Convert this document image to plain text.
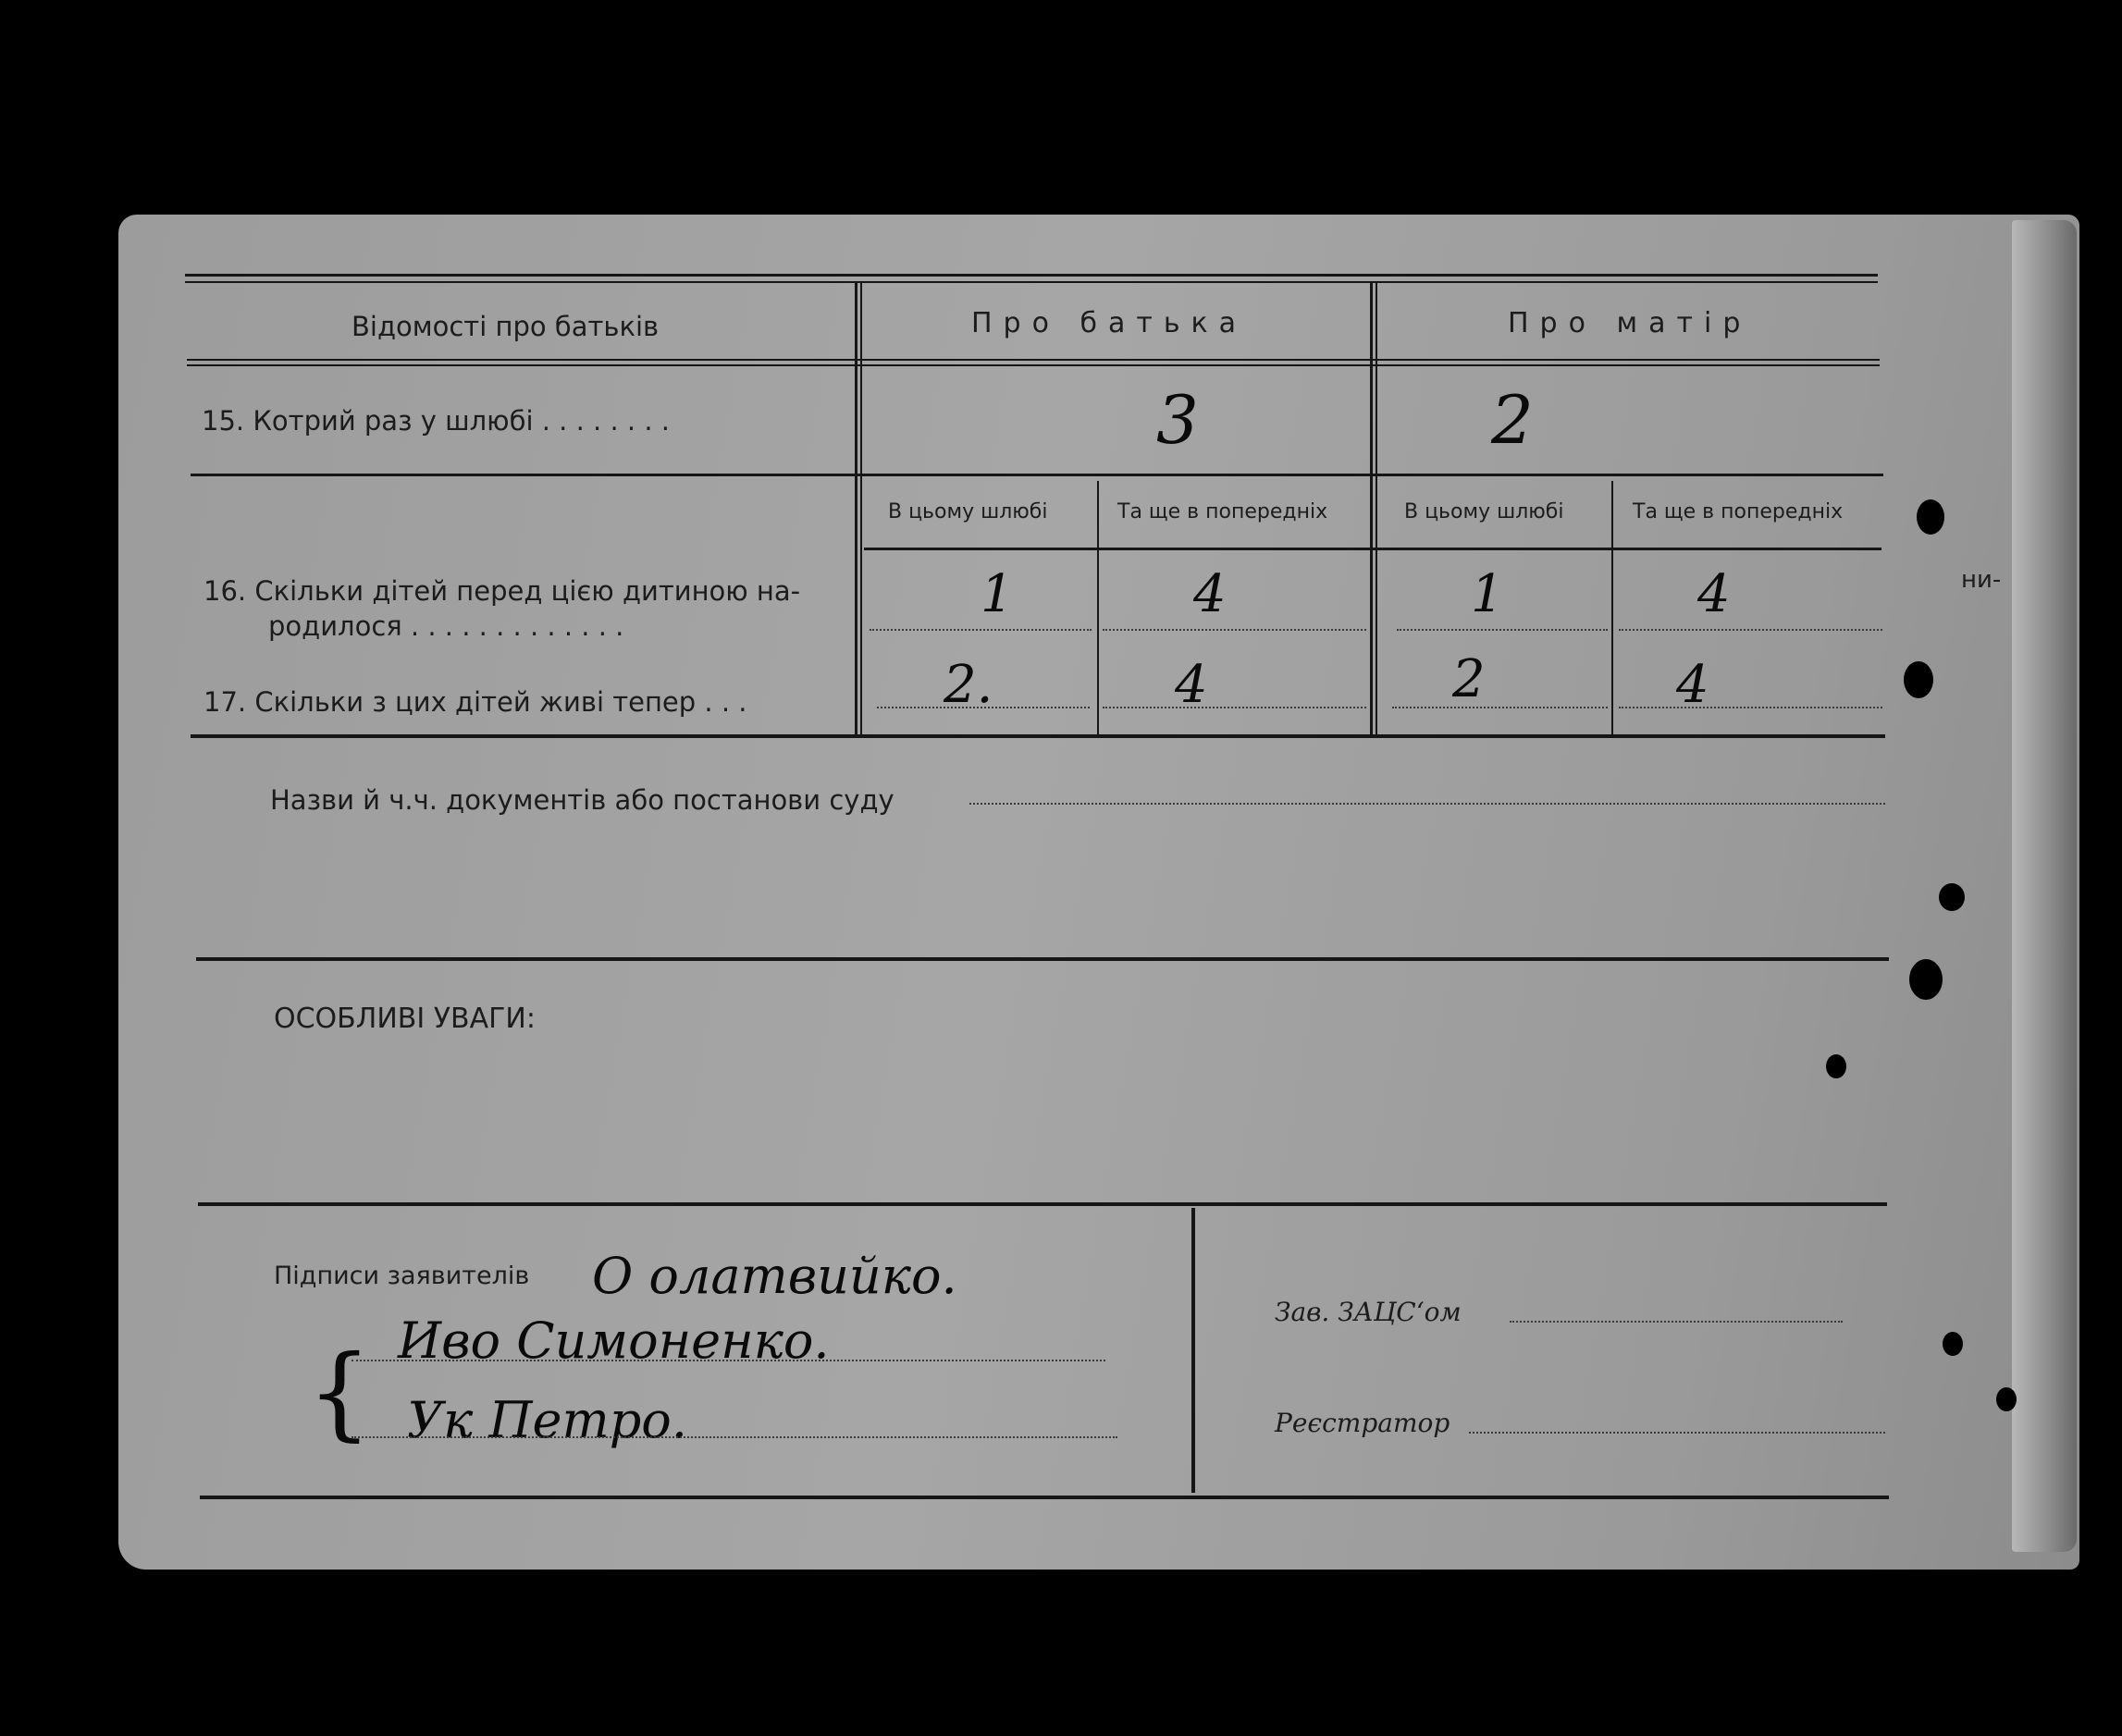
Відомості про батьків	Про батька	Про матір
15. Котрий раз у шлюбі . . . . . . . .	3	2
В цьому шлюбі	Та ще в попередніх	В цьому шлюбі	Та ще в попередніх
16. Скільки дітей перед цією дитиною на-
родилося . . . . . . . . . . . . .
1	4	1	4	ни-
17. Скільки з цих дітей живі тепер . . .	2.	4	2	4
Назви й ч.ч. документів або постанови суду
ОСОБЛИВІ УВАГИ:
Підписи заявителів О олатвийко.
{ Иво Симоненко.
Ук Петро.
Зав. ЗАЦС‘ом
Реєстратор
